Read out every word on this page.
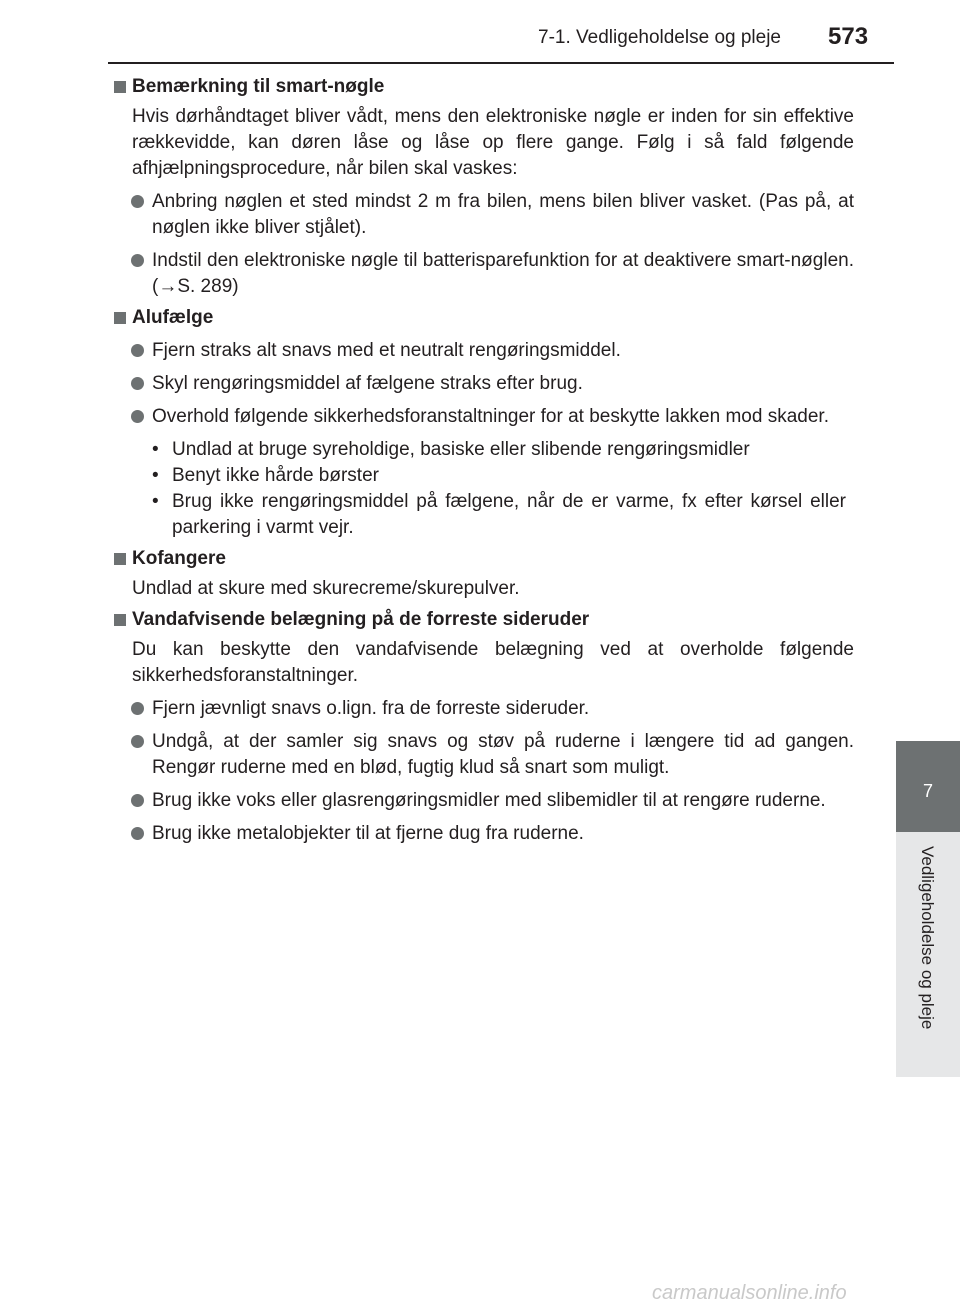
7-1. Vedligeholdelse og pleje 573
7
Vedligeholdelse og pleje
Bemærkning til smart-nøgle
Hvis dørhåndtaget bliver vådt, mens den elektroniske nøgle er inden for sin effektive rækkevidde, kan døren låse og låse op flere gange. Følg i så fald følgende afhjælpningsprocedure, når bilen skal vaskes:
Anbring nøglen et sted mindst 2 m fra bilen, mens bilen bliver vasket. (Pas på, at nøglen ikke bliver stjålet).
Indstil den elektroniske nøgle til batterisparefunktion for at deaktivere smart-nøglen. (→S. 289)
Alufælge
Fjern straks alt snavs med et neutralt rengøringsmiddel.
Skyl rengøringsmiddel af fælgene straks efter brug.
Overhold følgende sikkerhedsforanstaltninger for at beskytte lakken mod skader.
• Undlad at bruge syreholdige, basiske eller slibende rengøringsmidler
• Benyt ikke hårde børster
• Brug ikke rengøringsmiddel på fælgene, når de er varme, fx efter kørsel eller parkering i varmt vejr.
Kofangere
Undlad at skure med skurecreme/skurepulver.
Vandafvisende belægning på de forreste sideruder
Du kan beskytte den vandafvisende belægning ved at overholde følgende sikkerhedsforanstaltninger.
Fjern jævnligt snavs o.lign. fra de forreste sideruder.
Undgå, at der samler sig snavs og støv på ruderne i længere tid ad gangen. Rengør ruderne med en blød, fugtig klud så snart som muligt.
Brug ikke voks eller glasrengøringsmidler med slibemidler til at rengøre ruderne.
Brug ikke metalobjekter til at fjerne dug fra ruderne.
carmanualsonline.info
